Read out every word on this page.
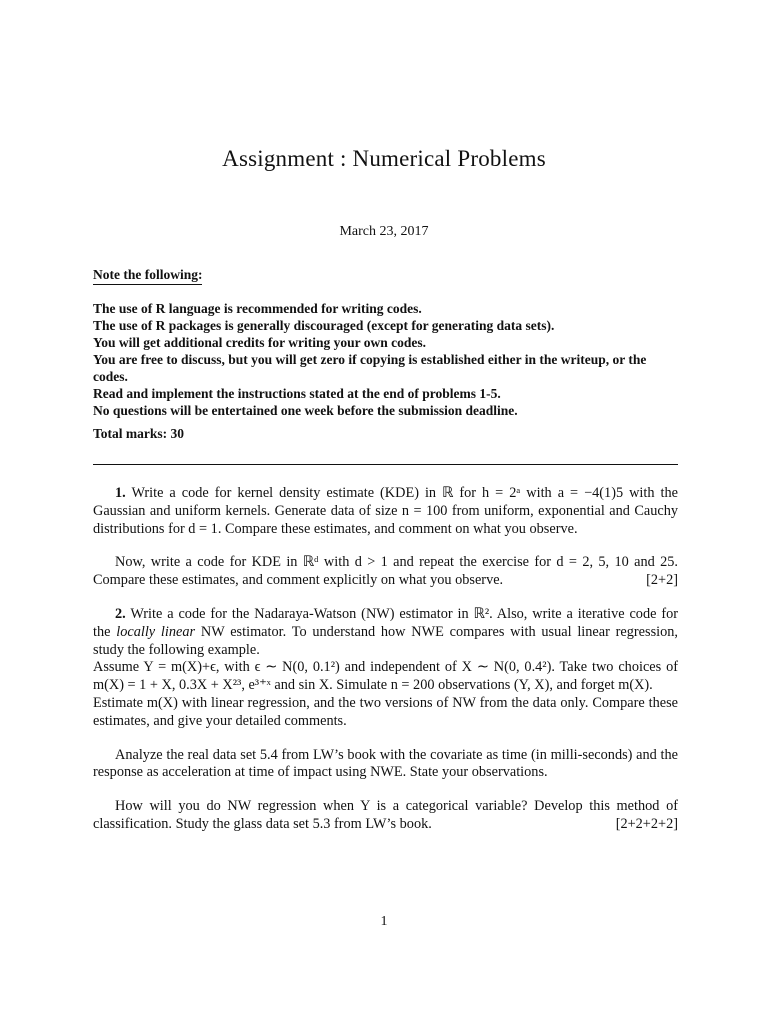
Assignment : Numerical Problems
March 23, 2017
Note the following:
The use of R language is recommended for writing codes.
The use of R packages is generally discouraged (except for generating data sets).
You will get additional credits for writing your own codes.
You are free to discuss, but you will get zero if copying is established either in the writeup, or the codes.
Read and implement the instructions stated at the end of problems 1-5.
No questions will be entertained one week before the submission deadline.
Total marks: 30

1. Write a code for kernel density estimate (KDE) in ℝ for h = 2ᵃ with a = −4(1)5 with the Gaussian and uniform kernels. Generate data of size n = 100 from uniform, exponential and Cauchy distributions for d = 1. Compare these estimates, and comment on what you observe.

Now, write a code for KDE in ℝᵈ with d > 1 and repeat the exercise for d = 2, 5, 10 and 25. Compare these estimates, and comment explicitly on what you observe.	[2+2]

2. Write a code for the Nadaraya-Watson (NW) estimator in ℝ². Also, write a iterative code for the locally linear NW estimator. To understand how NWE compares with usual linear regression, study the following example.

Assume Y = m(X)+ϵ, with ϵ ∼ N(0, 0.1²) and independent of X ∼ N(0, 0.4²). Take two choices of m(X) = 1 + X, 0.3X + X²³, e³⁺ˣ and sin X. Simulate n = 200 observations (Y, X), and forget m(X).

Estimate m(X) with linear regression, and the two versions of NW from the data only. Compare these estimates, and give your detailed comments.

Analyze the real data set 5.4 from LW’s book with the covariate as time (in milli-seconds) and the response as acceleration at time of impact using NWE. State your observations.

How will you do NW regression when Y is a categorical variable? Develop this method of classification. Study the glass data set 5.3 from LW’s book.	[2+2+2+2]

1
